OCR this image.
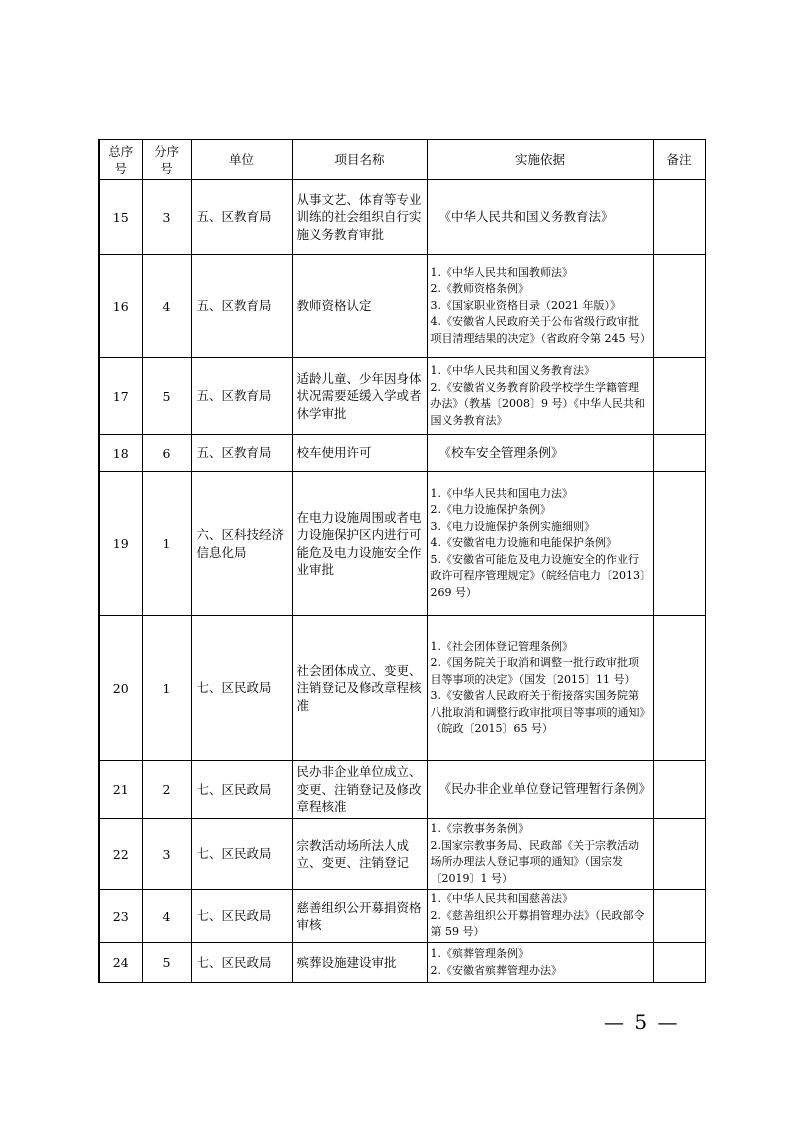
总序号	分序号	单位	项目名称	实施依据	备注
15	3	五、区教育局	从事文艺、体育等专业训练的社会组织自行实施义务教育审批	《中华人民共和国义务教育法》	

16	4	五、区教育局	教师资格认定	1.《中华人民共和国教师法》
2.《教师资格条例》
3.《国家职业资格目录（2021 年版）》
4.《安徽省人民政府关于公布省级行政审批项目清理结果的决定》（省政府令第 245 号）	

17	5	五、区教育局	适龄儿童、少年因身体状况需要延缓入学或者休学审批	1.《中华人民共和国义务教育法》
2.《安徽省义务教育阶段学校学生学籍管理办法》（教基〔2008〕9 号）《中华人民共和国义务教育法》	

18	6	五、区教育局	校车使用许可	《校车安全管理条例》	

19	1	六、区科技经济信息化局	在电力设施周围或者电力设施保护区内进行可能危及电力设施安全作业审批	1.《中华人民共和国电力法》
2.《电力设施保护条例》
3.《电力设施保护条例实施细则》
4.《安徽省电力设施和电能保护条例》
5.《安徽省可能危及电力设施安全的作业行政许可程序管理规定》（皖经信电力〔2013〕269 号）	

20	1	七、区民政局	社会团体成立、变更、注销登记及修改章程核准	1.《社会团体登记管理条例》
2.《国务院关于取消和调整一批行政审批项目等事项的决定》（国发〔2015〕11 号）
3.《安徽省人民政府关于衔接落实国务院第八批取消和调整行政审批项目等事项的通知》（皖政〔2015〕65 号）	

21	2	七、区民政局	民办非企业单位成立、变更、注销登记及修改章程核准	《民办非企业单位登记管理暂行条例》	

22	3	七、区民政局	宗教活动场所法人成立、变更、注销登记	1.《宗教事务条例》
2.国家宗教事务局、民政部《关于宗教活动场所办理法人登记事项的通知》（国宗发〔2019〕1 号）	

23	4	七、区民政局	慈善组织公开募捐资格审核	1.《中华人民共和国慈善法》
2.《慈善组织公开募捐管理办法》（民政部令第 59 号）	

24	5	七、区民政局	殡葬设施建设审批	1.《殡葬管理条例》
2.《安徽省殡葬管理办法》	

— 5 —
